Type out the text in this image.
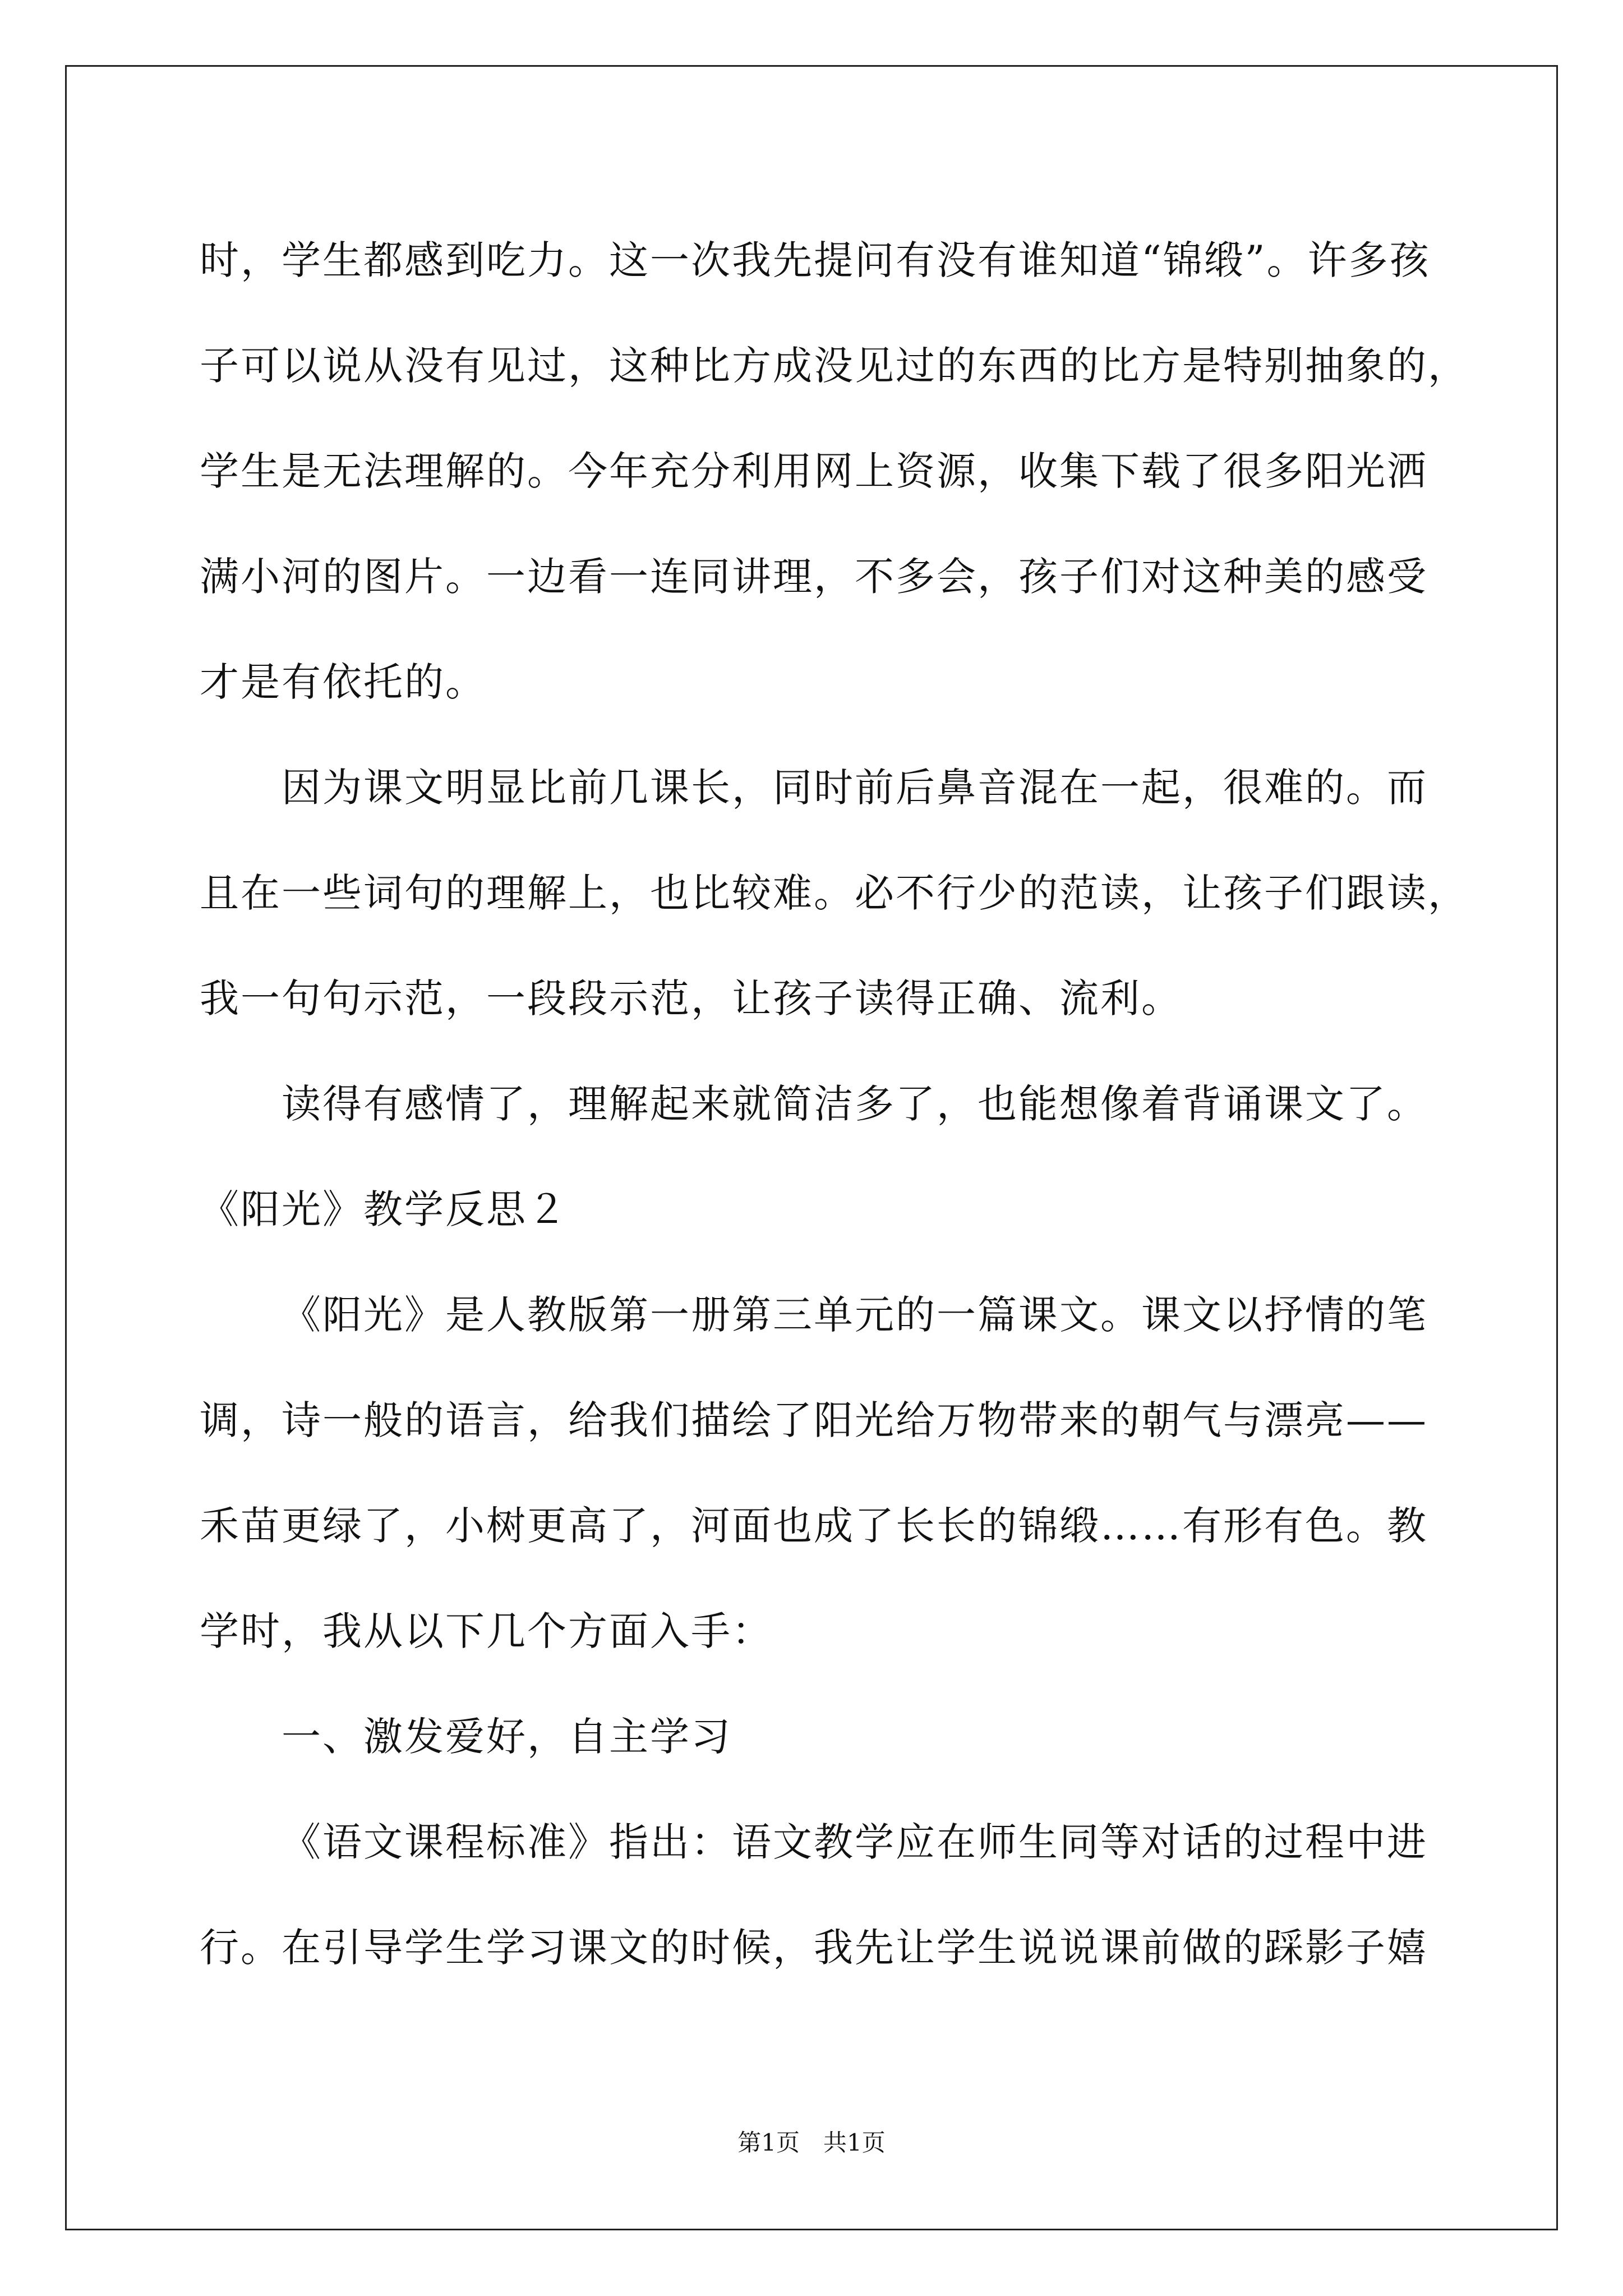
时，学生都感到吃力。这一次我先提问有没有谁知道“锦缎”。许多孩
子可以说从没有见过，这种比方成没见过的东西的比方是特别抽象的，
学生是无法理解的。今年充分利用网上资源，收集下载了很多阳光洒
满小河的图片。一边看一连同讲理，不多会，孩子们对这种美的感受
才是有依托的。
因为课文明显比前几课长，同时前后鼻音混在一起，很难的。而
且在一些词句的理解上，也比较难。必不行少的范读，让孩子们跟读，
我一句句示范，一段段示范，让孩子读得正确、流利。
读得有感情了，理解起来就简洁多了，也能想像着背诵课文了。
《阳光》教学反思２
《阳光》是人教版第一册第三单元的一篇课文。课文以抒情的笔
调，诗一般的语言，给我们描绘了阳光给万物带来的朝气与漂亮——
禾苗更绿了，小树更高了，河面也成了长长的锦缎……有形有色。教
学时，我从以下几个方面入手：
一、激发爱好，自主学习
《语文课程标准》指出：语文教学应在师生同等对话的过程中进
行。在引导学生学习课文的时候，我先让学生说说课前做的踩影子嬉
第1页 共1页
